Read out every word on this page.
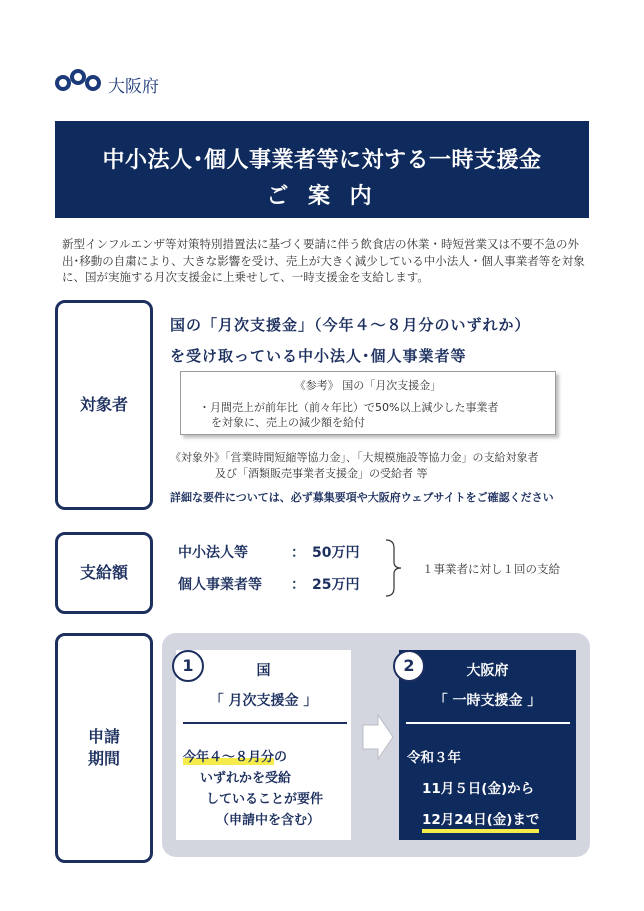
大阪府
中小法人･個人事業者等に対する一時支援金
ご 案 内
新型インフルエンザ等対策特別措置法に基づく要請に伴う飲食店の休業・時短営業又は不要不急の外出･移動の自粛により、大きな影響を受け、売上が大きく減少している中小法人・個人事業者等を対象に、国が実施する月次支援金に上乗せして、一時支援金を支給します。
対象者
国の「月次支援金」（今年４～８月分のいずれか）
を受け取っている中小法人･個人事業者等
《参考》 国の「月次支援金」
・月間売上が前年比（前々年比）で50%以上減少した事業者
を対象に、売上の減少額を給付
《対象外》「営業時間短縮等協力金」、「大規模施設等協力金」の支給対象者
及び「酒類販売事業者支援金」の受給者 等
詳細な要件については、必ず募集要項や大阪府ウェブサイトをご確認ください
支給額
中小法人等	： 50万円
個人事業者等 ： 25万円
１事業者に対し１回の支給
申請
期間
1	国
「 月次支援金 」
今年４～８月分の
いずれかを受給
していることが要件
（申請中を含む）
2	大阪府
「 一時支援金 」
令和３年
11月５日(金)から
12月24日(金)まで
